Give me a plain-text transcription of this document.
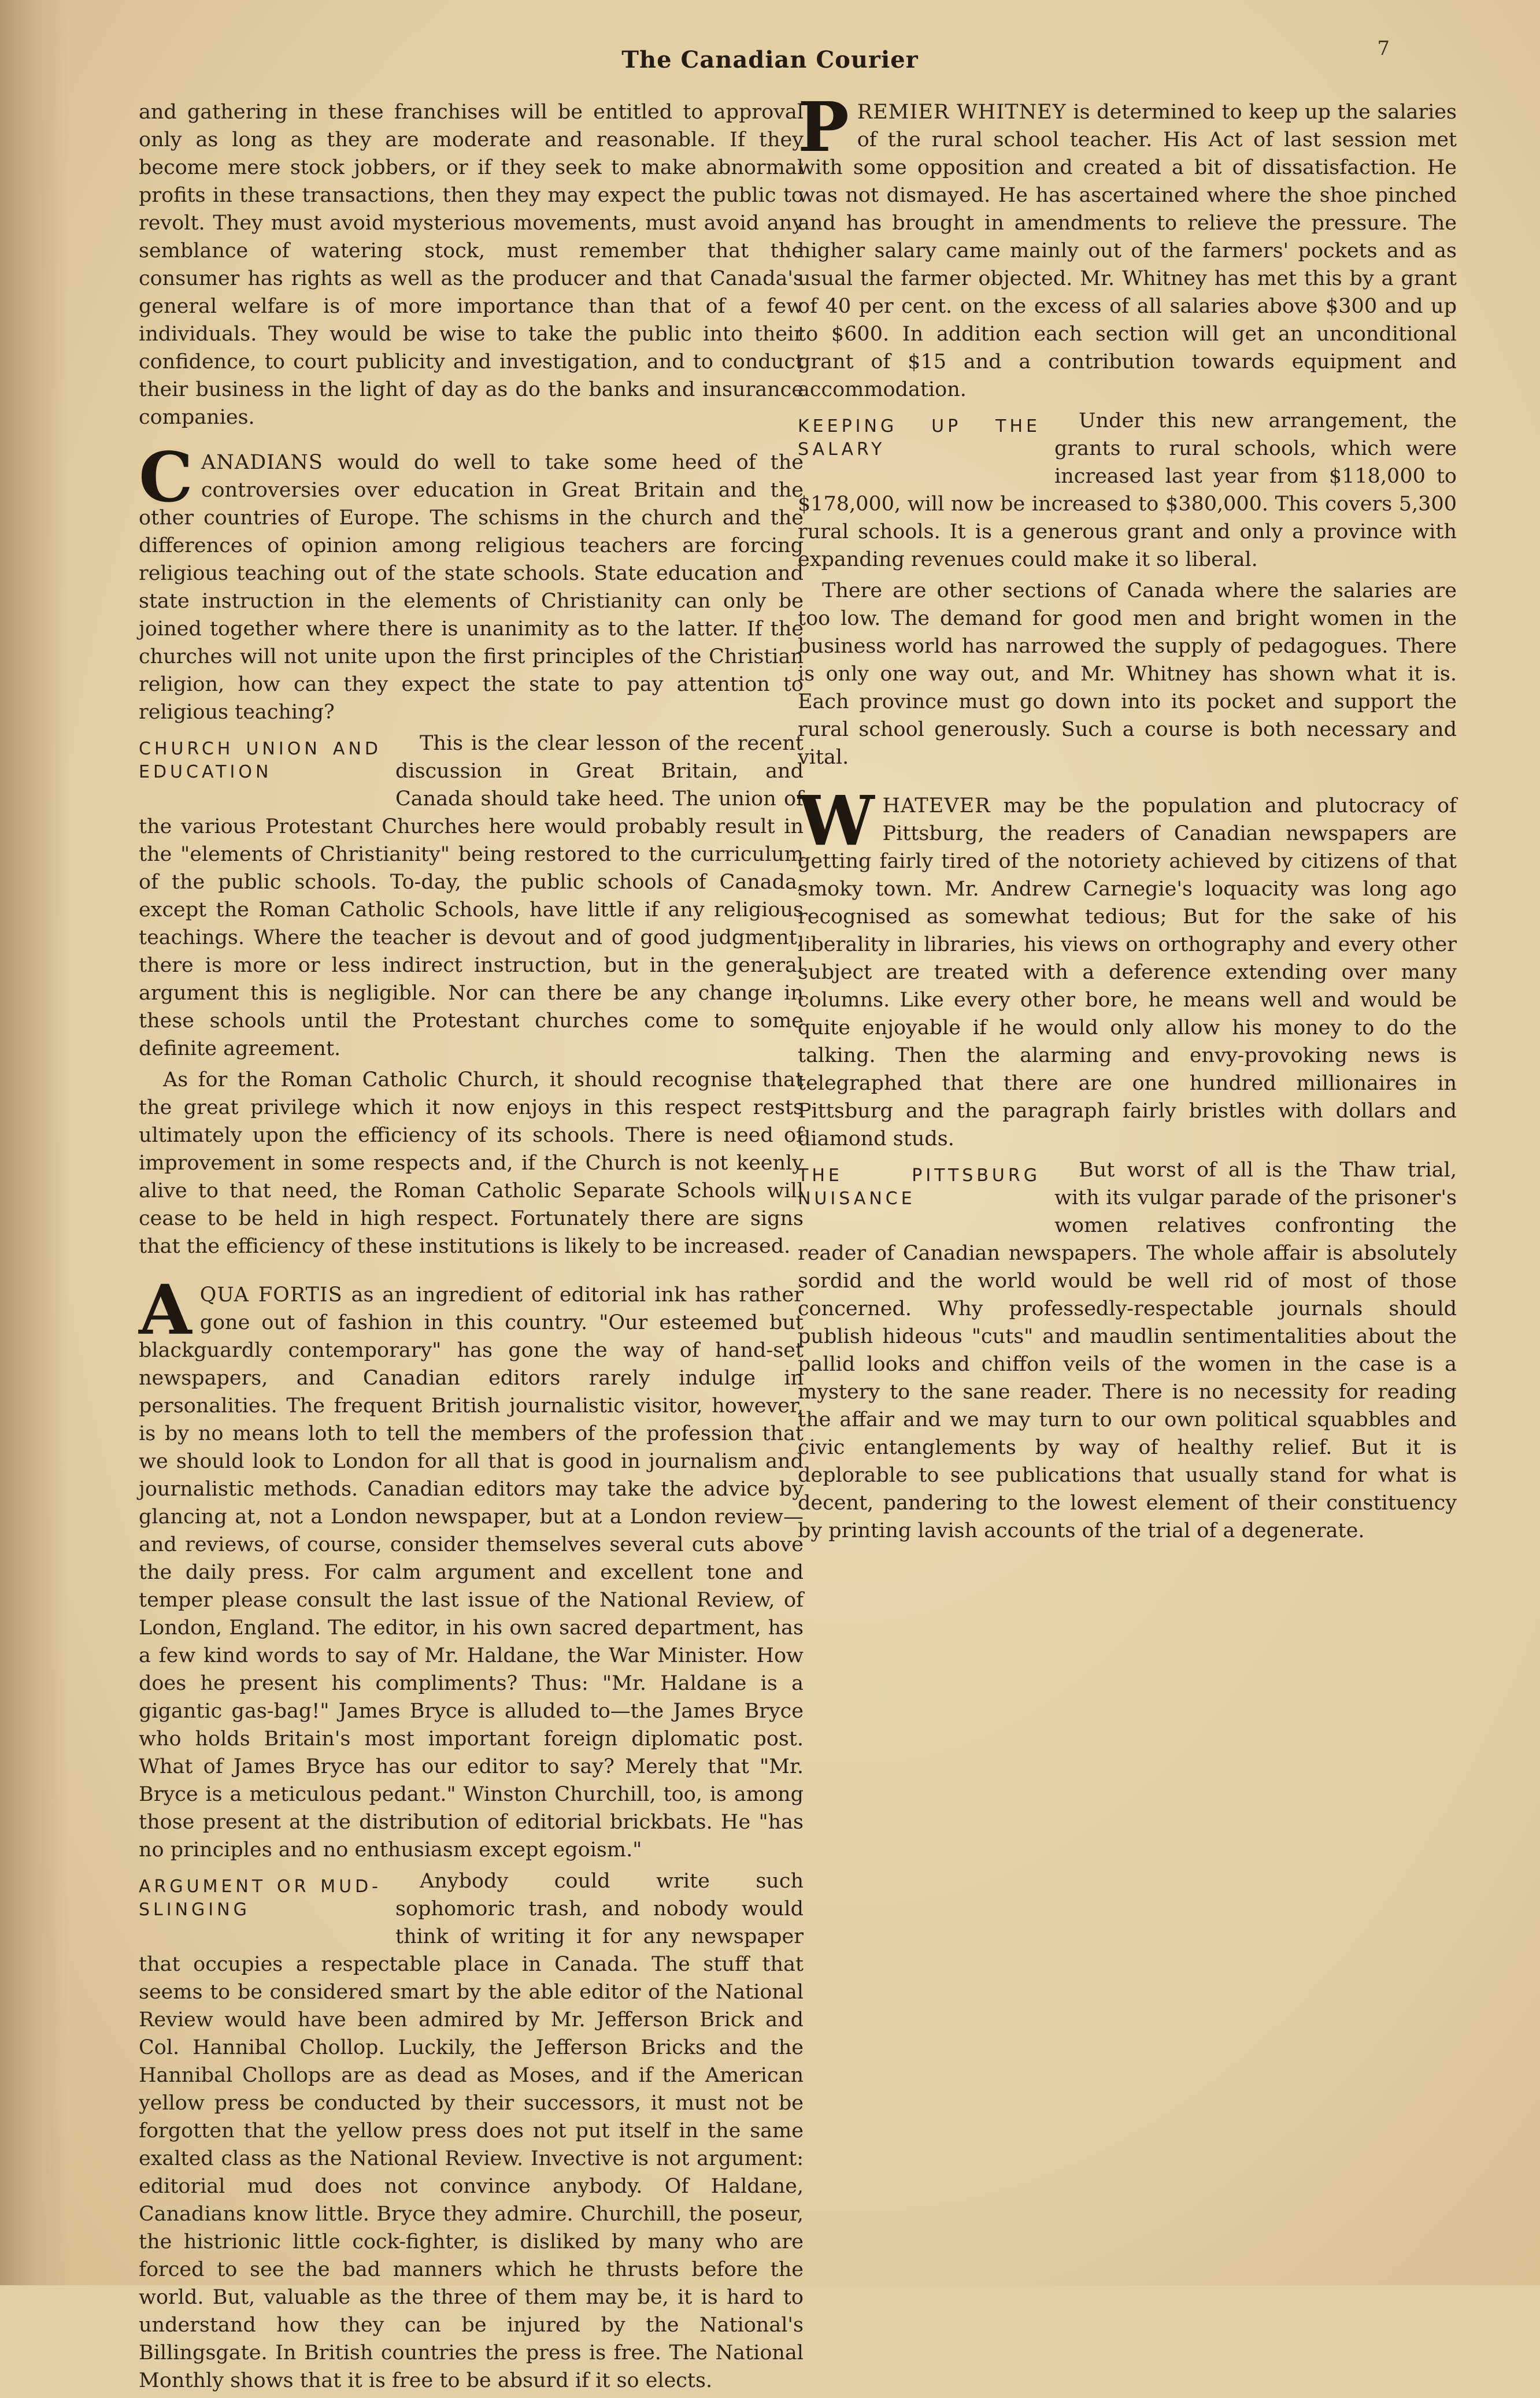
The Canadian Courier	7

and gathering in these franchises will be entitled to approval only as long as they are moderate and reasonable. If they become mere stock jobbers, or if they seek to make abnormal profits in these transactions, then they may expect the public to revolt. They must avoid mysterious movements, must avoid any semblance of watering stock, must remember that the consumer has rights as well as the producer and that Canada's general welfare is of more importance than that of a few individuals. They would be wise to take the public into their confidence, to court publicity and investigation, and to conduct their business in the light of day as do the banks and insurance companies.

C ANADIANS would do well to take some heed of the controversies over education in Great Britain and the other countries of Europe. The schisms in the church and the differences of opinion among religious teachers are forcing religious teaching out of the state schools. State education and state instruction in the elements of Christianity can only be joined together where there is unanimity as to the latter. If the churches will not unite upon the first principles of the Christian religion, how can they expect the state to pay attention to religious teaching?

CHURCH UNION AND EDUCATION

This is the clear lesson of the recent discussion in Great Britain, and Canada should take heed. The union of the various Protestant Churches here would probably result in the "elements of Christianity" being restored to the curriculum of the public schools. To-day, the public schools of Canada, except the Roman Catholic Schools, have little if any religious teachings. Where the teacher is devout and of good judgment, there is more or less indirect instruction, but in the general argument this is negligible. Nor can there be any change in these schools until the Protestant churches come to some definite agreement.

As for the Roman Catholic Church, it should recognise that the great privilege which it now enjoys in this respect rests ultimately upon the efficiency of its schools. There is need of improvement in some respects and, if the Church is not keenly alive to that need, the Roman Catholic Separate Schools will cease to be held in high respect. Fortunately there are signs that the efficiency of these institutions is likely to be increased.

A QUA FORTIS as an ingredient of editorial ink has rather gone out of fashion in this country. "Our esteemed but blackguardly contemporary" has gone the way of hand-set newspapers, and Canadian editors rarely indulge in personalities. The frequent British journalistic visitor, however, is by no means loth to tell the members of the profession that we should look to London for all that is good in journalism and journalistic methods. Canadian editors may take the advice by glancing at, not a London newspaper, but at a London review—and reviews, of course, consider themselves several cuts above the daily press. For calm argument and excellent tone and temper please consult the last issue of the National Review, of London, England. The editor, in his own sacred department, has a few kind words to say of Mr. Haldane, the War Minister. How does he present his compliments? Thus: "Mr. Haldane is a gigantic gas-bag!" James Bryce is alluded to—the James Bryce who holds Britain's most important foreign diplomatic post. What of James Bryce has our editor to say? Merely that "Mr. Bryce is a meticulous pedant." Winston Churchill, too, is among those present at the distribution of editorial brickbats. He "has no principles and no enthusiasm except egoism."

ARGUMENT OR MUD-SLINGING

Anybody could write such sophomoric trash, and nobody would think of writing it for any newspaper that occupies a respectable place in Canada. The stuff that seems to be considered smart by the able editor of the National Review would have been admired by Mr. Jefferson Brick and Col. Hannibal Chollop. Luckily, the Jefferson Bricks and the Hannibal Chollops are as dead as Moses, and if the American yellow press be conducted by their successors, it must not be forgotten that the yellow press does not put itself in the same exalted class as the National Review. Invective is not argument: editorial mud does not convince anybody. Of Haldane, Canadians know little. Bryce they admire. Churchill, the poseur, the histrionic little cock-fighter, is disliked by many who are forced to see the bad manners which he thrusts before the world. But, valuable as the three of them may be, it is hard to understand how they can be injured by the National's Billingsgate. In British countries the press is free. The National Monthly shows that it is free to be absurd if it so elects.

P REMIER WHITNEY is determined to keep up the salaries of the rural school teacher. His Act of last session met with some opposition and created a bit of dissatisfaction. He was not dismayed. He has ascertained where the shoe pinched and has brought in amendments to relieve the pressure. The higher salary came mainly out of the farmers' pockets and as usual the farmer objected. Mr. Whitney has met this by a grant of 40 per cent. on the excess of all salaries above $300 and up to $600. In addition each section will get an unconditional grant of $15 and a contribution towards equipment and accommodation.

KEEPING UP THE SALARY

Under this new arrangement, the grants to rural schools, which were increased last year from $118,000 to $178,000, will now be increased to $380,000. This covers 5,300 rural schools. It is a generous grant and only a province with expanding revenues could make it so liberal.

There are other sections of Canada where the salaries are too low. The demand for good men and bright women in the business world has narrowed the supply of pedagogues. There is only one way out, and Mr. Whitney has shown what it is. Each province must go down into its pocket and support the rural school generously. Such a course is both necessary and vital.

W HATEVER may be the population and plutocracy of Pittsburg, the readers of Canadian newspapers are getting fairly tired of the notoriety achieved by citizens of that smoky town. Mr. Andrew Carnegie's loquacity was long ago recognised as somewhat tedious; But for the sake of his liberality in libraries, his views on orthography and every other subject are treated with a deference extending over many columns. Like every other bore, he means well and would be quite enjoyable if he would only allow his money to do the talking. Then the alarming and envy-provoking news is telegraphed that there are one hundred millionaires in Pittsburg and the paragraph fairly bristles with dollars and diamond studs.

THE PITTSBURG NUISANCE

But worst of all is the Thaw trial, with its vulgar parade of the prisoner's women relatives confronting the reader of Canadian newspapers. The whole affair is absolutely sordid and the world would be well rid of most of those concerned. Why professedly-respectable journals should publish hideous "cuts" and maudlin sentimentalities about the pallid looks and chiffon veils of the women in the case is a mystery to the sane reader. There is no necessity for reading the affair and we may turn to our own political squabbles and civic entanglements by way of healthy relief. But it is deplorable to see publications that usually stand for what is decent, pandering to the lowest element of their constituency by printing lavish accounts of the trial of a degenerate.
